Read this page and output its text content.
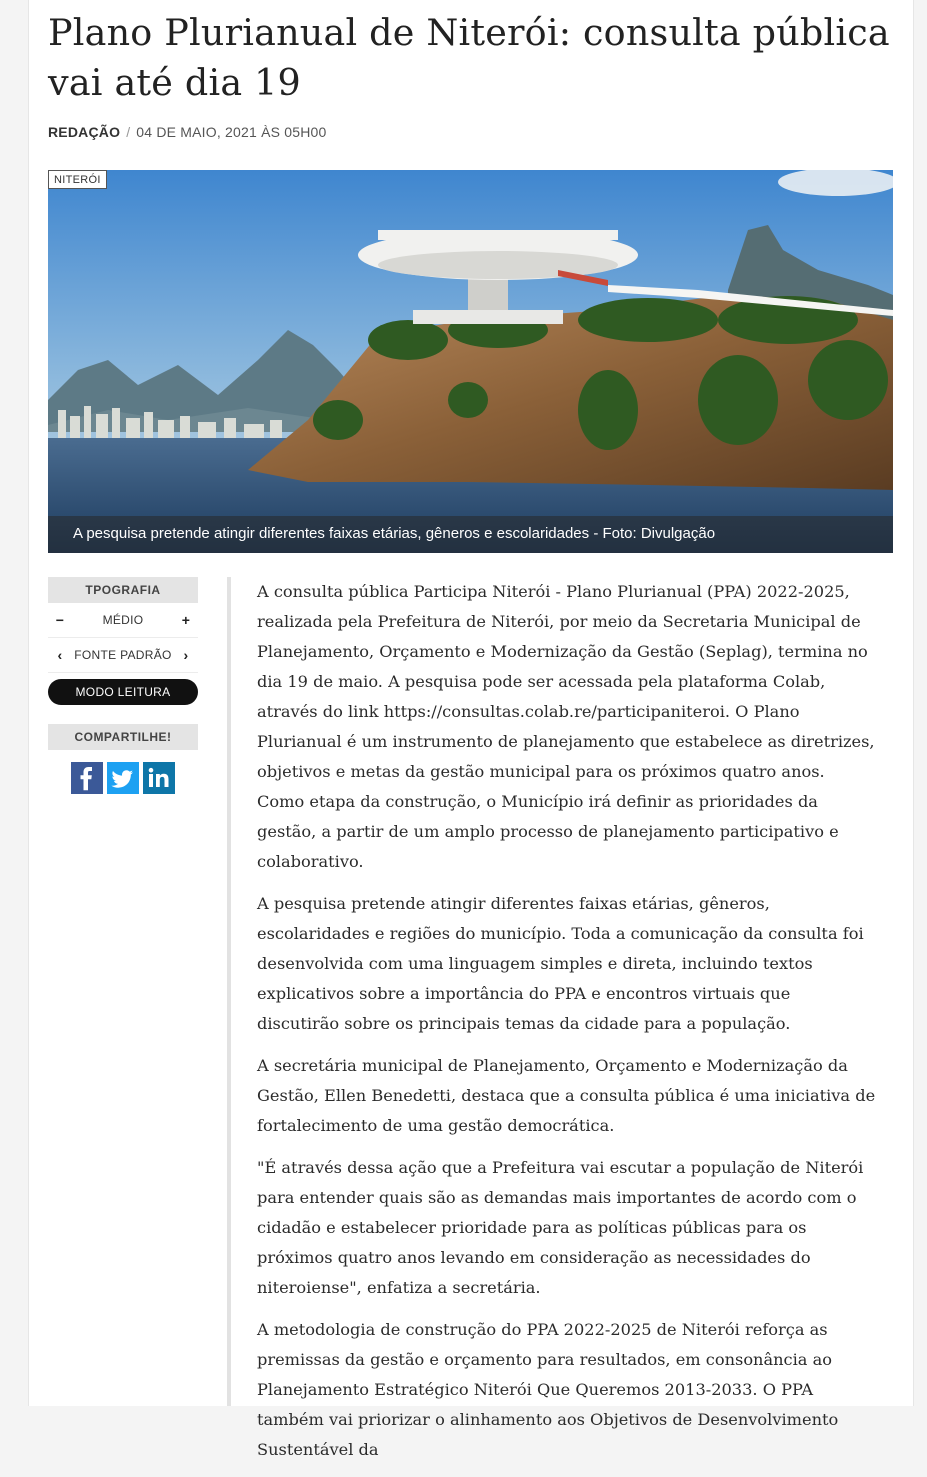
Plano Plurianual de Niterói: consulta pública vai até dia 19
REDAÇÃO / 04 DE MAIO, 2021 ÀS 05H00
NITERÓI
A pesquisa pretende atingir diferentes faixas etárias, gêneros e escolaridades - Foto: Divulgação
TPOGRAFIA
−	MÉDIO	+
‹ FONTE PADRÃO ›
MODO LEITURA
COMPARTILHE!

A consulta pública Participa Niterói - Plano Plurianual (PPA) 2022-2025, realizada pela Prefeitura de Niterói, por meio da Secretaria Municipal de Planejamento, Orçamento e Modernização da Gestão (Seplag), termina no dia 19 de maio. A pesquisa pode ser acessada pela plataforma Colab, através do link https://consultas.colab.re/participaniteroi. O Plano Plurianual é um instrumento de planejamento que estabelece as diretrizes, objetivos e metas da gestão municipal para os próximos quatro anos. Como etapa da construção, o Município irá definir as prioridades da gestão, a partir de um amplo processo de planejamento participativo e colaborativo.

A pesquisa pretende atingir diferentes faixas etárias, gêneros, escolaridades e regiões do município. Toda a comunicação da consulta foi desenvolvida com uma linguagem simples e direta, incluindo textos explicativos sobre a importância do PPA e encontros virtuais que discutirão sobre os principais temas da cidade para a população.

A secretária municipal de Planejamento, Orçamento e Modernização da Gestão, Ellen Benedetti, destaca que a consulta pública é uma iniciativa de fortalecimento de uma gestão democrática.

"É através dessa ação que a Prefeitura vai escutar a população de Niterói para entender quais são as demandas mais importantes de acordo com o cidadão e estabelecer prioridade para as políticas públicas para os próximos quatro anos levando em consideração as necessidades do niteroiense", enfatiza a secretária.

A metodologia de construção do PPA 2022-2025 de Niterói reforça as premissas da gestão e orçamento para resultados, em consonância ao Planejamento Estratégico Niterói Que Queremos 2013-2033. O PPA também vai priorizar o alinhamento aos Objetivos de Desenvolvimento Sustentável da
